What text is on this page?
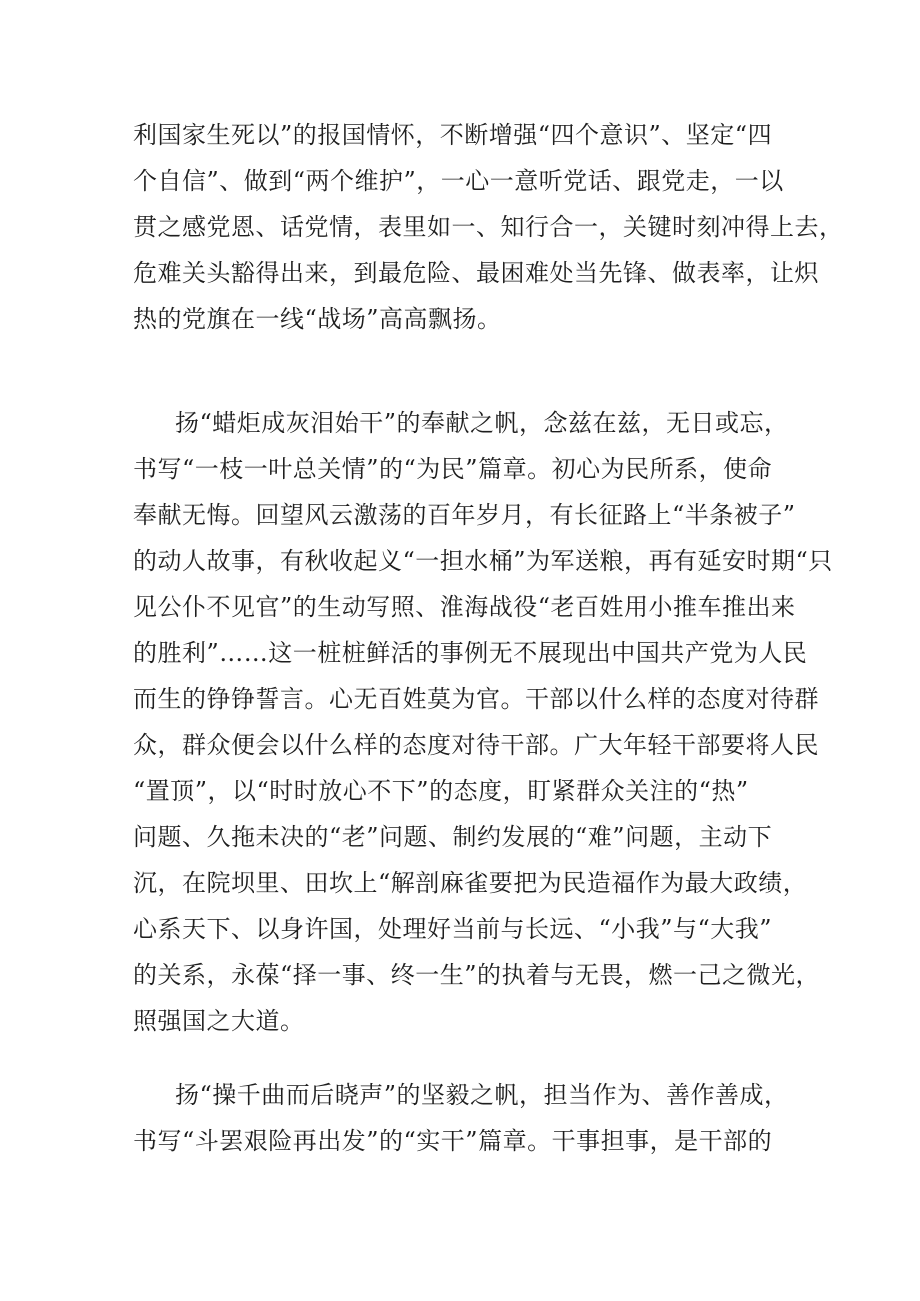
利国家生死以”的报国情怀，不断增强“四个意识”、坚定“四
个自信”、做到“两个维护”，一心一意听党话、跟党走，一以
贯之感党恩、话党情，表里如一、知行合一，关键时刻冲得上去，
危难关头豁得出来，到最危险、最困难处当先锋、做表率，让炽
热的党旗在一线“战场”高高飘扬。
扬“蜡炬成灰泪始干”的奉献之帆，念兹在兹，无日或忘，
书写“一枝一叶总关情”的“为民”篇章。初心为民所系，使命
奉献无悔。回望风云激荡的百年岁月，有长征路上“半条被子”
的动人故事，有秋收起义“一担水桶”为军送粮，再有延安时期“只
见公仆不见官”的生动写照、淮海战役“老百姓用小推车推出来
的胜利”……这一桩桩鲜活的事例无不展现出中国共产党为人民
而生的铮铮誓言。心无百姓莫为官。干部以什么样的态度对待群
众，群众便会以什么样的态度对待干部。广大年轻干部要将人民
“置顶”，以“时时放心不下”的态度，盯紧群众关注的“热”
问题、久拖未决的“老”问题、制约发展的“难”问题，主动下
沉，在院坝里、田坎上“解剖麻雀要把为民造福作为最大政绩，
心系天下、以身许国，处理好当前与长远、“小我”与“大我”
的关系，永葆“择一事、终一生”的执着与无畏，燃一己之微光，
照强国之大道。
扬“操千曲而后晓声”的坚毅之帆，担当作为、善作善成，
书写“斗罢艰险再出发”的“实干”篇章。干事担事，是干部的
